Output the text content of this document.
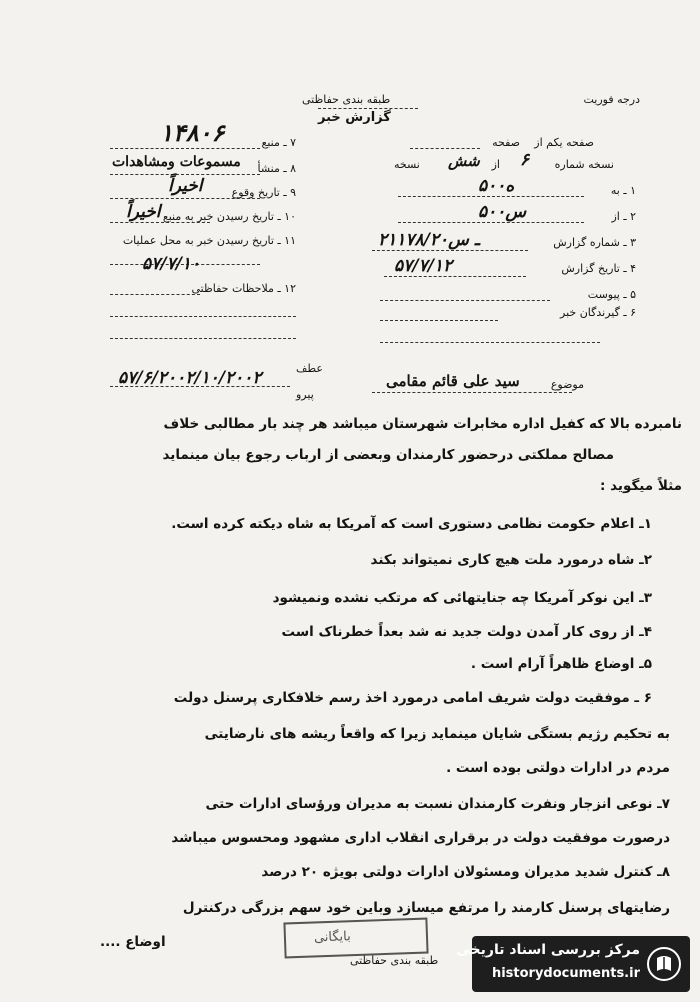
درجه فوریت
طبقه بندی حفاظتی
گزارش خبر
۱۴۸۰۶	صفحه یکم از
صفحه
نسخه شماره
۶
از
شش
نسخه
۱ ـ به
۵۰۰ه
۲ ـ از
۵۰۰س
۳ ـ شماره گزارش
۲۱۱۷۸/۲۰ـ س
۴ ـ تاریخ گزارش
۵۷/۷/۱۲
۵ ـ پیوست
۶ ـ گیرندگان خبر
۷ ـ منبع
۸ ـ منشأ
مسموعات ومشاهدات
۹ ـ تاریخ وقوع
اخیراً
۱۰ ـ تاریخ رسیدن خبر به منبع
اخیراً
۱۱ ـ تاریخ رسیدن خبر به محل عملیات
۵۷/۷/۱۰
۱۲ ـ ملاحظات حفاظتی
موضوع
سید علی قائم مقامی
عطف
پیرو
۵۷/۶/۲۰۰۲/۱۰/۲۰۰۲
نامبرده بالا که کفیل اداره مخابرات شهرستان میباشد هر چند بار مطالبی خلاف
مصالح مملکتی درحضور کارمندان وبعضی از ارباب رجوع بیان مینماید
مثلاً میگوید :
۱ـ اعلام حکومت نظامی دستوری است که آمریکا به شاه دیکته کرده است.
۲ـ شاه درمورد ملت هیچ کاری نمیتواند بکند
۳ـ این نوکر آمریکا چه جنایتهائی که مرتکب نشده ونمیشود
۴ـ از روی کار آمدن دولت جدید نه شد بعداً خطرناک است
۵ـ اوضاع ظاهراً آرام است .
۶ ـ موفقیت دولت شریف امامی درمورد اخذ رسم خلافکاری پرسنل دولت
به تحکیم رژیم بستگی شایان مینماید زیرا که واقعاً ریشه های نارضایتی
مردم در ادارات دولتی بوده است .
۷ـ نوعی انزجار ونفرت کارمندان نسبت به مدیران ورؤسای ادارات حتی
درصورت موفقیت دولت در برقراری انقلاب اداری مشهود ومحسوس میباشد
۸ـ کنترل شدید مدیران ومسئولان ادارات دولتی بویژه ۲۰ درصد
رضایتهای پرسنل کارمند را مرتفع میسازد وباین خود سهم بزرگی درکنترل
اوضاع ....	بایگانی
طبقه بندی حفاظتی
مرکز بررسی اسناد تاریخی
historydocuments.ir
